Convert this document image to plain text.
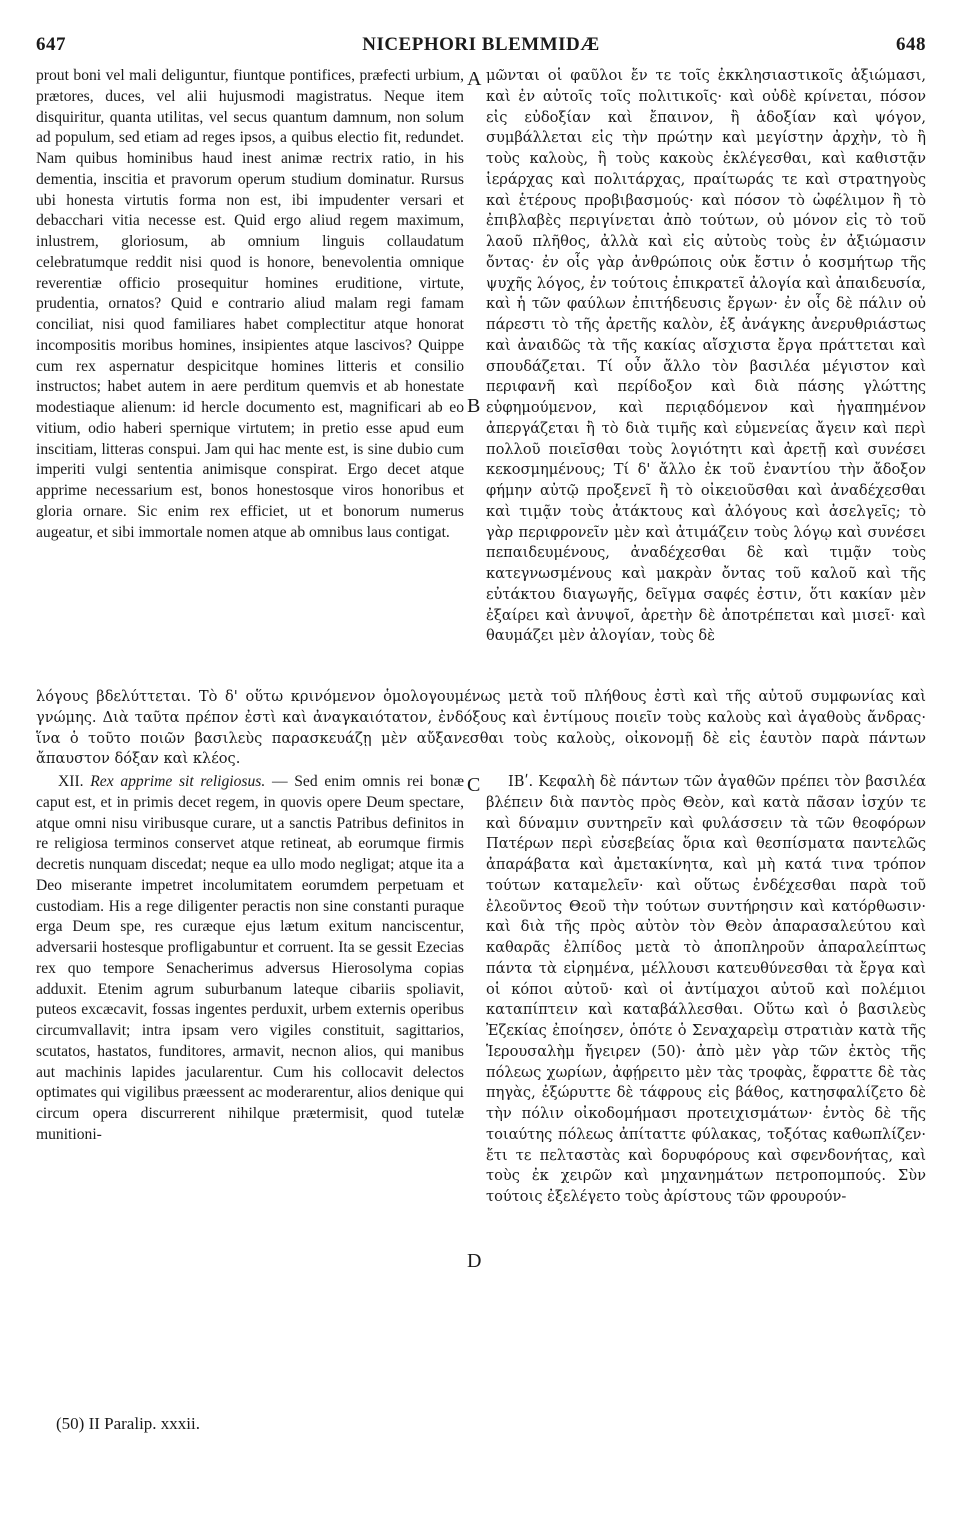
647	NICEPHORI BLEMMIDÆ	648

prout boni vel mali deliguntur, fiuntque pontifices, præfecti urbium, prætores, duces, vel alii hujusmodi magistratus. Neque item disquiritur, quanta utilitas, vel secus quantum damnum, non solum ad populum, sed etiam ad reges ipsos, a quibus electio fit, redundet. Nam quibus hominibus haud inest animæ rectrix ratio, in his dementia, inscitia et pravorum operum studium dominatur. Rursus ubi honesta virtutis forma non est, ibi impudenter versari et debacchari vitia necesse est. Quid ergo aliud regem maximum, inlustrem, gloriosum, ab omnium linguis collaudatum celebratumque reddit nisi quod is honore, benevolentia omnique reverentiæ officio prosequitur homines eruditione, virtute, prudentia, ornatos? Quid e contrario aliud malam regi famam conciliat, nisi quod familiares habet complectitur atque honorat incompositis moribus homines, insipientes atque lascivos? Quippe cum rex aspernatur despicitque homines litteris et consilio instructos; habet autem in aere perditum quemvis et ab honestate modestiaque alienum: id hercle documento est, magnificari ab eo vitium, odio haberi spernique virtutem; in pretio esse apud eum inscitiam, litteras conspui. Jam qui hac mente est, is sine dubio cum imperiti vulgi sententia animisque conspirat. Ergo decet atque apprime necessarium est, bonos honestosque viros honoribus et gloria ornare. Sic enim rex efficiet, ut et bonorum numerus augeatur, et sibi immortale nomen atque ab omnibus laus contigat.

μῶνται οἱ φαῦλοι ἔν τε τοῖς ἐκκλησιαστικοῖς ἀξιώμασι, καὶ ἐν αὐτοῖς τοῖς πολιτικοῖς· καὶ οὐδὲ κρίνεται, πόσον εἰς εὐδοξίαν καὶ ἔπαινον, ἢ ἀδοξίαν καὶ ψόγον, συμβάλλεται εἰς τὴν πρώτην καὶ μεγίστην ἀρχὴν, τὸ ἢ τοὺς καλοὺς, ἢ τοὺς κακοὺς ἐκλέγεσθαι, καὶ καθιστᾷν ἱεράρχας καὶ πολιτάρχας, πραίτωράς τε καὶ στρατηγοὺς καὶ ἑτέρους προβιβασμούς· καὶ πόσον τὸ ὠφέλιμον ἢ τὸ ἐπιβλαβὲς περιγίνεται ἀπὸ τούτων, οὐ μόνον εἰς τὸ τοῦ λαοῦ πλῆθος, ἀλλὰ καὶ εἰς αὐτοὺς τοὺς ἐν ἀξιώμασιν ὄντας· ἐν οἷς γὰρ ἀνθρώποις οὐκ ἔστιν ὁ κοσμήτωρ τῆς ψυχῆς λόγος, ἐν τούτοις ἐπικρατεῖ ἀλογία καὶ ἀπαιδευσία, καὶ ἡ τῶν φαύλων ἐπιτήδευσις ἔργων· ἐν οἷς δὲ πάλιν οὐ πάρεστι τὸ τῆς ἀρετῆς καλὸν, ἐξ ἀνάγκης ἀνερυθριάστως καὶ ἀναιδῶς τὰ τῆς κακίας αἴσχιστα ἔργα πράττεται καὶ σπουδάζεται. Τί οὖν ἄλλο τὸν βασιλέα μέγιστον καὶ περιφανῆ καὶ περίδοξον καὶ διὰ πάσης γλώττης εὐφημούμενον, καὶ περιᾳδόμενον καὶ ἠγαπημένον ἀπεργάζεται ἢ τὸ διὰ τιμῆς καὶ εὐμενείας ἄγειν καὶ περὶ πολλοῦ ποιεῖσθαι τοὺς λογιότητι καὶ ἀρετῇ καὶ συνέσει κεκοσμημένους; Τί δ' ἄλλο ἐκ τοῦ ἐναντίου τὴν ἄδοξον φήμην αὐτῷ προξενεῖ ἢ τὸ οἰκειοῦσθαι καὶ ἀναδέχεσθαι καὶ τιμᾷν τοὺς ἀτάκτους καὶ ἀλόγους καὶ ἀσελγεῖς; τὸ γὰρ περιφρονεῖν μὲν καὶ ἀτιμάζειν τοὺς λόγῳ καὶ συνέσει πεπαιδευμένους, ἀναδέχεσθαι δὲ καὶ τιμᾷν τοὺς κατεγνωσμένους καὶ μακρὰν ὄντας τοῦ καλοῦ καὶ τῆς εὐτάκτου διαγωγῆς, δεῖγμα σαφές ἐστιν, ὅτι κακίαν μὲν ἐξαίρει καὶ ἀνυψοῖ, ἀρετὴν δὲ ἀποτρέπεται καὶ μισεῖ· καὶ θαυμάζει μὲν ἀλογίαν, τοὺς δὲ

A
B
C
D

λόγους βδελύττεται. Τὸ δ' οὕτω κρινόμενον ὁμολογουμένως μετὰ τοῦ πλήθους ἐστὶ καὶ τῆς αὐτοῦ συμφωνίας καὶ γνώμης. Διὰ ταῦτα πρέπον ἐστὶ καὶ ἀναγκαιότατον, ἐνδόξους καὶ ἐντίμους ποιεῖν τοὺς καλοὺς καὶ ἀγαθοὺς ἄνδρας· ἵνα ὁ τοῦτο ποιῶν βασιλεὺς παρασκευάζῃ μὲν αὔξανεσθαι τοὺς καλοὺς, οἰκονομῇ δὲ εἰς ἑαυτὸν παρὰ πάντων ἄπαυστον δόξαν καὶ κλέος.

XII. Rex apprime sit religiosus. — Sed enim omnis rei bonæ caput est, et in primis decet regem, in quovis opere Deum spectare, atque omni nisu viribusque curare, ut a sanctis Patribus definitos in re religiosa terminos conservet atque retineat, ab eorumque firmis decretis nunquam discedat; neque ea ullo modo negligat; atque ita a Deo miserante impetret incolumitatem eorumdem perpetuam et custodiam. His a rege diligenter peractis non sine constanti puraque erga Deum spe, res curæque ejus lætum exitum nanciscentur, adversarii hostesque profligabuntur et corruent. Ita se gessit Ezecias rex quo tempore Senacherimus adversus Hierosolyma copias adduxit. Etenim agrum suburbanum lateque cibariis spoliavit, puteos excæcavit, fossas ingentes perduxit, urbem externis operibus circumvallavit; intra ipsam vero vigiles constituit, sagittarios, scutatos, hastatos, funditores, armavit, necnon alios, qui manibus aut machinis lapides jacularentur. Cum his collocavit delectos optimates qui vigilibus præessent ac moderarentur, alios denique qui circum opera discurrerent nihilque prætermisit, quod tutelæ munitioni-

ΙΒʹ. Κεφαλὴ δὲ πάντων τῶν ἀγαθῶν πρέπει τὸν βασιλέα βλέπειν διὰ παντὸς πρὸς Θεὸν, καὶ κατὰ πᾶσαν ἰσχύν τε καὶ δύναμιν συντηρεῖν καὶ φυλάσσειν τὰ τῶν θεοφόρων Πατέρων περὶ εὐσεβείας ὅρια καὶ θεσπίσματα παντελῶς ἀπαράβατα καὶ ἀμετακίνητα, καὶ μὴ κατά τινα τρόπον τούτων καταμελεῖν· καὶ οὕτως ἐνδέχεσθαι παρὰ τοῦ ἐλεοῦντος Θεοῦ τὴν τούτων συντήρησιν καὶ κατόρθωσιν· καὶ διὰ τῆς πρὸς αὐτὸν τὸν Θεὸν ἀπαρασαλεύτου καὶ καθαρᾶς ἐλπίδος μετὰ τὸ ἀποπληροῦν ἀπαραλείπτως πάντα τὰ εἰρημένα, μέλλουσι κατευθύνεσθαι τὰ ἔργα καὶ οἱ κόποι αὐτοῦ· καὶ οἱ ἀντίμαχοι αὐτοῦ καὶ πολέμιοι καταπίπτειν καὶ καταβάλλεσθαι. Οὕτω καὶ ὁ βασιλεὺς Ἐζεκίας ἐποίησεν, ὁπότε ὁ Σεναχαρεὶμ στρατιὰν κατὰ τῆς Ἱερουσαλὴμ ἤγειρεν (50)· ἀπὸ μὲν γὰρ τῶν ἐκτὸς τῆς πόλεως χωρίων, ἀφῄρειτο μὲν τὰς τροφὰς, ἔφραττε δὲ τὰς πηγὰς, ἐξώρυττε δὲ τάφρους εἰς βάθος, κατησφαλίζετο δὲ τὴν πόλιν οἰκοδομήμασι προτειχισμάτων· ἐντὸς δὲ τῆς τοιαύτης πόλεως ἀπίταττε φύλακας, τοξότας καθωπλίζεν· ἔτι τε πελταστὰς καὶ δορυφόρους καὶ σφενδονήτας, καὶ τοὺς ἐκ χειρῶν καὶ μηχανημάτων πετροπομπούς. Σὺν τούτοις ἐξελέγετο τοὺς ἀρίστους τῶν φρουρούν-

(50) II Paralip. xxxii.
